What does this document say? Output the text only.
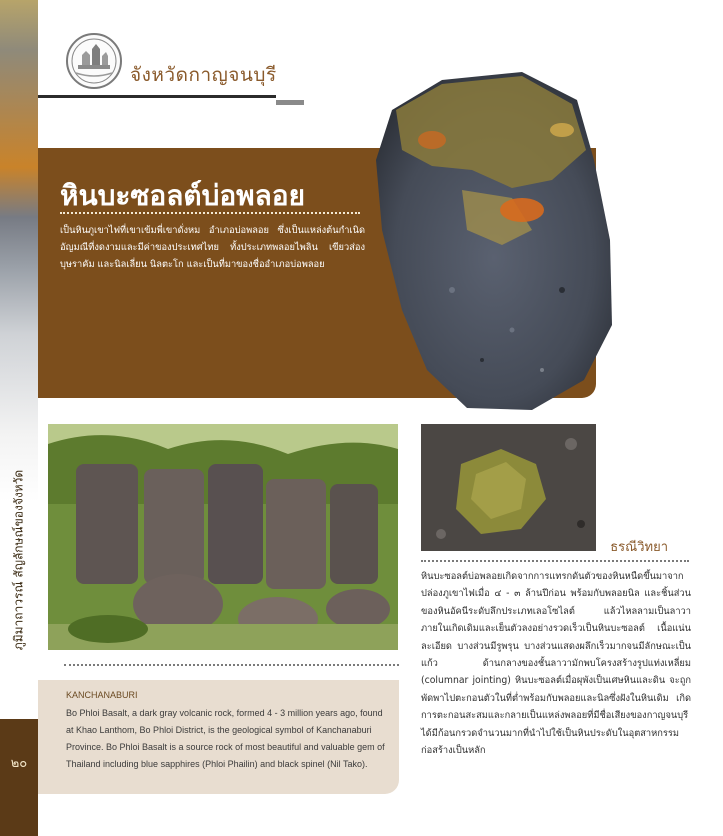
ภูมิมาถาวรณ์ สัญลักษณ์ของจังหวัด
๒๐
จังหวัดกาญจนบุรี
หินบะซอลต์บ่อพลอย
เป็นหินภูเขาไฟที่เขาเข้มพี่เขาดั่งหม อำเภอบ่อพลอย ซึ่งเป็นแหล่งต้นกำเนิดอัญมณีที่งดงามและมีค่าของประเทศไทย ทั้งประเภทพลอยไพลิน เขียวส่อง บุษราคัม และนิลเลี่ยน นิลตะโก และเป็นที่มาของชื่ออำเภอบ่อพลอย
KANCHANABURI
Bo Phloi Basalt, a dark gray volcanic rock, formed 4 - 3 million years ago, found at Khao Lanthom, Bo Phloi District, is the geological symbol of Kanchanaburi Province. Bo Phloi Basalt is a source rock of most beautiful and valuable gem of Thailand including blue sapphires (Phloi Phailin) and black spinel (Nil Tako).
ธรณีวิทยา
หินบะซอลต์บ่อพลอยเกิดจากการแทรกดันตัวของหินหนืดขึ้นมาจากปล่องภูเขาไฟเมื่อ ๔ - ๓ ล้านปีก่อน พร้อมกับพลอยนิล และชิ้นส่วนของหินอัคนีระดับลึกประเภทเลอโซไลต์ แล้วไหลลามเป็นลาวาภายในเกิดเดิมและเย็นตัวลงอย่างรวดเร็วเป็นหินบะซอลต์ เนื้อแน่นละเอียด บางส่วนมีรูพรุน บางส่วนแสดงผลึกเร็วมากจนมีลักษณะเป็นแก้ว ด้านกลางของชั้นลาวามักพบโครงสร้างรูปแท่งเหลี่ยม (columnar jointing) หินบะซอลต์เมื่อผุพังเป็นเศษหินและดิน จะถูกพัดพาไปตะกอนตัวในที่ต่ำพร้อมกับพลอยและนิลซึ่งฝังในหินเดิม เกิดการตะกอนสะสมและกลายเป็นแหล่งพลอยที่มีชื่อเสียงของกาญจนบุรี ได้มีก้อนกรวดจำนวนมากที่นำไปใช้เป็นหินประดับในอุตสาหกรรมก่อสร้างเป็นหลัก
